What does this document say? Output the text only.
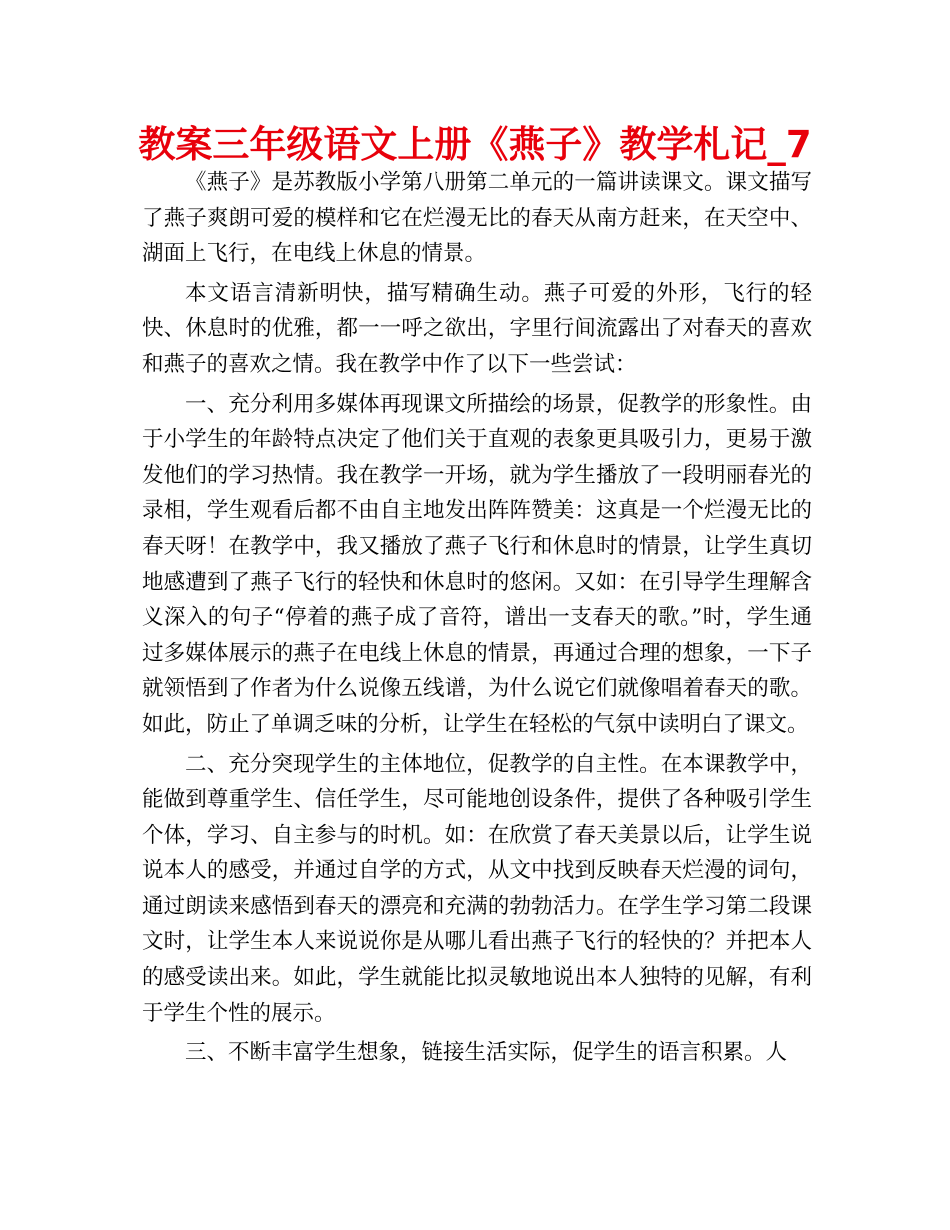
教案三年级语文上册《燕子》教学札记_7

《燕子》是苏教版小学第八册第二单元的一篇讲读课文。课文描写了燕子爽朗可爱的模样和它在烂漫无比的春天从南方赶来，在天空中、湖面上飞行，在电线上休息的情景。

本文语言清新明快，描写精确生动。燕子可爱的外形，飞行的轻快、休息时的优雅，都一一呼之欲出，字里行间流露出了对春天的喜欢和燕子的喜欢之情。我在教学中作了以下一些尝试：

一、充分利用多媒体再现课文所描绘的场景，促教学的形象性。由于小学生的年龄特点决定了他们关于直观的表象更具吸引力，更易于激发他们的学习热情。我在教学一开场，就为学生播放了一段明丽春光的录相，学生观看后都不由自主地发出阵阵赞美：这真是一个烂漫无比的春天呀！在教学中，我又播放了燕子飞行和休息时的情景，让学生真切地感遭到了燕子飞行的轻快和休息时的悠闲。又如：在引导学生理解含义深入的句子“停着的燕子成了音符，谱出一支春天的歌。”时，学生通过多媒体展示的燕子在电线上休息的情景，再通过合理的想象，一下子就领悟到了作者为什么说像五线谱，为什么说它们就像唱着春天的歌。如此，防止了单调乏味的分析，让学生在轻松的气氛中读明白了课文。

二、充分突现学生的主体地位，促教学的自主性。在本课教学中，能做到尊重学生、信任学生，尽可能地创设条件，提供了各种吸引学生个体，学习、自主参与的时机。如：在欣赏了春天美景以后，让学生说说本人的感受，并通过自学的方式，从文中找到反映春天烂漫的词句，通过朗读来感悟到春天的漂亮和充满的勃勃活力。在学生学习第二段课文时，让学生本人来说说你是从哪儿看出燕子飞行的轻快的？并把本人的感受读出来。如此，学生就能比拟灵敏地说出本人独特的见解，有利于学生个性的展示。

三、不断丰富学生想象，链接生活实际，促学生的语言积累。人
